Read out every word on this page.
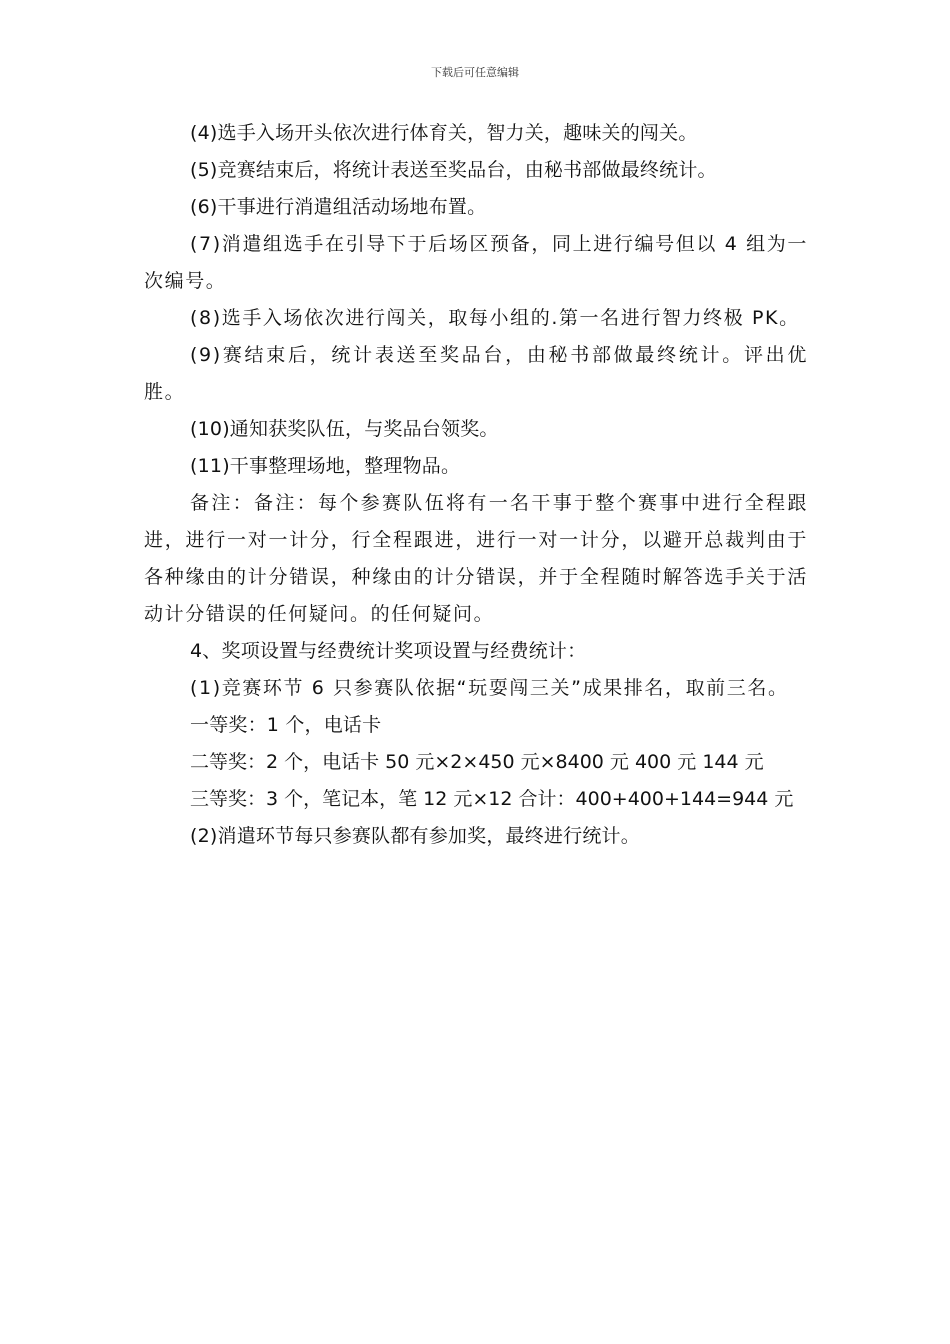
下载后可任意编辑

(4)选手入场开头依次进行体育关，智力关，趣味关的闯关。

(5)竞赛结束后，将统计表送至奖品台，由秘书部做最终统计。

(6)干事进行消遣组活动场地布置。

(7)消遣组选手在引导下于后场区预备，同上进行编号但以 4 组为一次编号。

(8)选手入场依次进行闯关，取每小组的.第一名进行智力终极 PK。

(9)赛结束后，统计表送至奖品台，由秘书部做最终统计。评出优胜。

(10)通知获奖队伍，与奖品台领奖。

(11)干事整理场地，整理物品。

备注：备注：每个参赛队伍将有一名干事于整个赛事中进行全程跟进，进行一对一计分，行全程跟进，进行一对一计分，以避开总裁判由于各种缘由的计分错误，种缘由的计分错误，并于全程随时解答选手关于活动计分错误的任何疑问。的任何疑问。

4、奖项设置与经费统计奖项设置与经费统计：

(1)竞赛环节 6 只参赛队依据“玩耍闯三关”成果排名，取前三名。

一等奖：1 个，电话卡

二等奖：2 个，电话卡 50 元×2×450 元×8400 元 400 元 144 元

三等奖：3 个，笔记本，笔 12 元×12 合计：400+400+144=944 元

(2)消遣环节每只参赛队都有参加奖，最终进行统计。
